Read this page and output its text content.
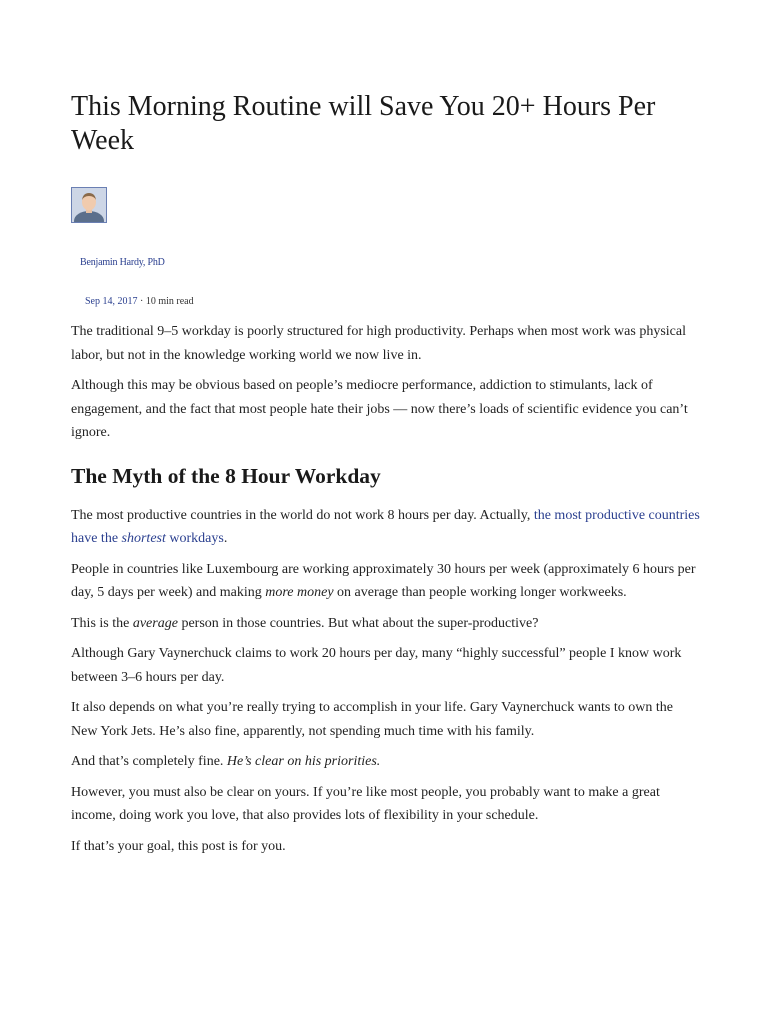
This Morning Routine will Save You 20+ Hours Per Week
Benjamin Hardy, PhD
Sep 14, 2017 · 10 min read

The traditional 9–5 workday is poorly structured for high productivity. Perhaps when most work was physical labor, but not in the knowledge working world we now live in.

Although this may be obvious based on people’s mediocre performance, addiction to stimulants, lack of engagement, and the fact that most people hate their jobs — now there’s loads of scientific evidence you can’t ignore.

The Myth of the 8 Hour Workday

The most productive countries in the world do not work 8 hours per day. Actually, the most productive countries have the shortest workdays.

People in countries like Luxembourg are working approximately 30 hours per week (approximately 6 hours per day, 5 days per week) and making more money on average than people working longer workweeks.

This is the average person in those countries. But what about the super-productive?

Although Gary Vaynerchuck claims to work 20 hours per day, many “highly successful” people I know work between 3–6 hours per day.

It also depends on what you’re really trying to accomplish in your life. Gary Vaynerchuck wants to own the New York Jets. He’s also fine, apparently, not spending much time with his family.

And that’s completely fine. He’s clear on his priorities.

However, you must also be clear on yours. If you’re like most people, you probably want to make a great income, doing work you love, that also provides lots of flexibility in your schedule.

If that’s your goal, this post is for you.
